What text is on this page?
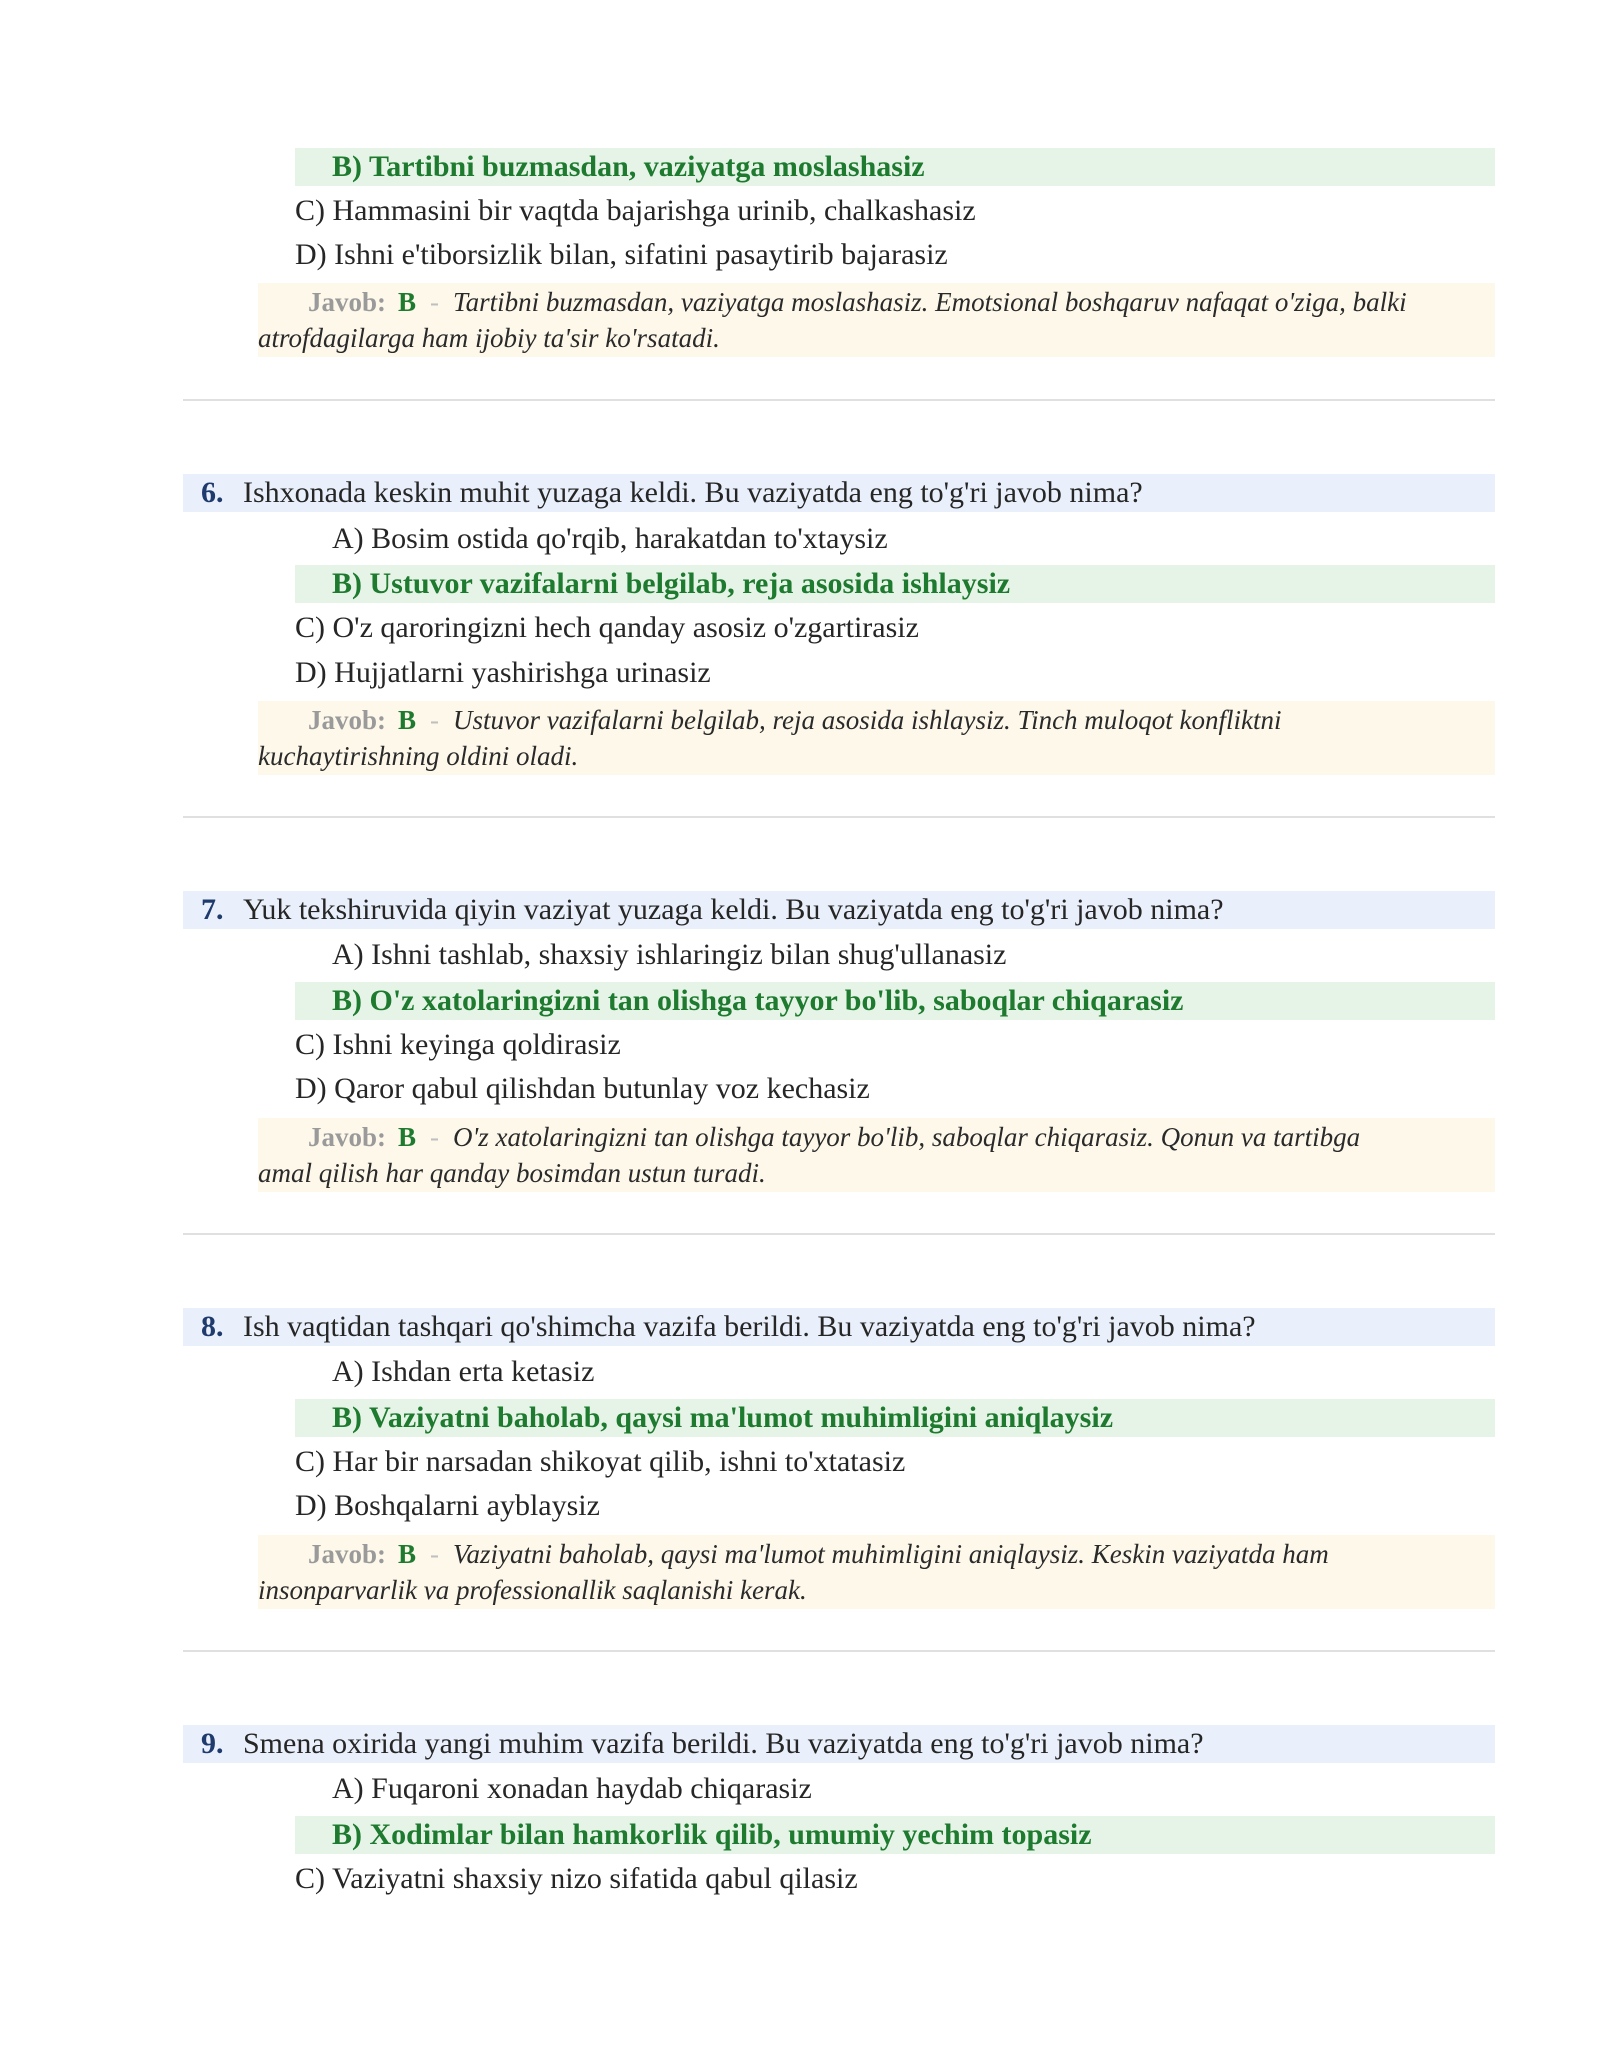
B) Tartibni buzmasdan, vaziyatga moslashasiz
C) Hammasini bir vaqtda bajarishga urinib, chalkashasiz
D) Ishni e'tiborsizlik bilan, sifatini pasaytirib bajarasiz
Javob: B - Tartibni buzmasdan, vaziyatga moslashasiz. Emotsional boshqaruv nafaqat o'ziga, balki
atrofdagilarga ham ijobiy ta'sir ko'rsatadi.
6. Ishxonada keskin muhit yuzaga keldi. Bu vaziyatda eng to'g'ri javob nima?
A) Bosim ostida qo'rqib, harakatdan to'xtaysiz
B) Ustuvor vazifalarni belgilab, reja asosida ishlaysiz
C) O'z qaroringizni hech qanday asosiz o'zgartirasiz
D) Hujjatlarni yashirishga urinasiz
Javob: B - Ustuvor vazifalarni belgilab, reja asosida ishlaysiz. Tinch muloqot konfliktni
kuchaytirishning oldini oladi.
7. Yuk tekshiruvida qiyin vaziyat yuzaga keldi. Bu vaziyatda eng to'g'ri javob nima?
A) Ishni tashlab, shaxsiy ishlaringiz bilan shug'ullanasiz
B) O'z xatolaringizni tan olishga tayyor bo'lib, saboqlar chiqarasiz
C) Ishni keyinga qoldirasiz
D) Qaror qabul qilishdan butunlay voz kechasiz
Javob: B - O'z xatolaringizni tan olishga tayyor bo'lib, saboqlar chiqarasiz. Qonun va tartibga
amal qilish har qanday bosimdan ustun turadi.
8. Ish vaqtidan tashqari qo'shimcha vazifa berildi. Bu vaziyatda eng to'g'ri javob nima?
A) Ishdan erta ketasiz
B) Vaziyatni baholab, qaysi ma'lumot muhimligini aniqlaysiz
C) Har bir narsadan shikoyat qilib, ishni to'xtatasiz
D) Boshqalarni ayblaysiz
Javob: B - Vaziyatni baholab, qaysi ma'lumot muhimligini aniqlaysiz. Keskin vaziyatda ham
insonparvarlik va professionallik saqlanishi kerak.
9. Smena oxirida yangi muhim vazifa berildi. Bu vaziyatda eng to'g'ri javob nima?
A) Fuqaroni xonadan haydab chiqarasiz
B) Xodimlar bilan hamkorlik qilib, umumiy yechim topasiz
C) Vaziyatni shaxsiy nizo sifatida qabul qilasiz
